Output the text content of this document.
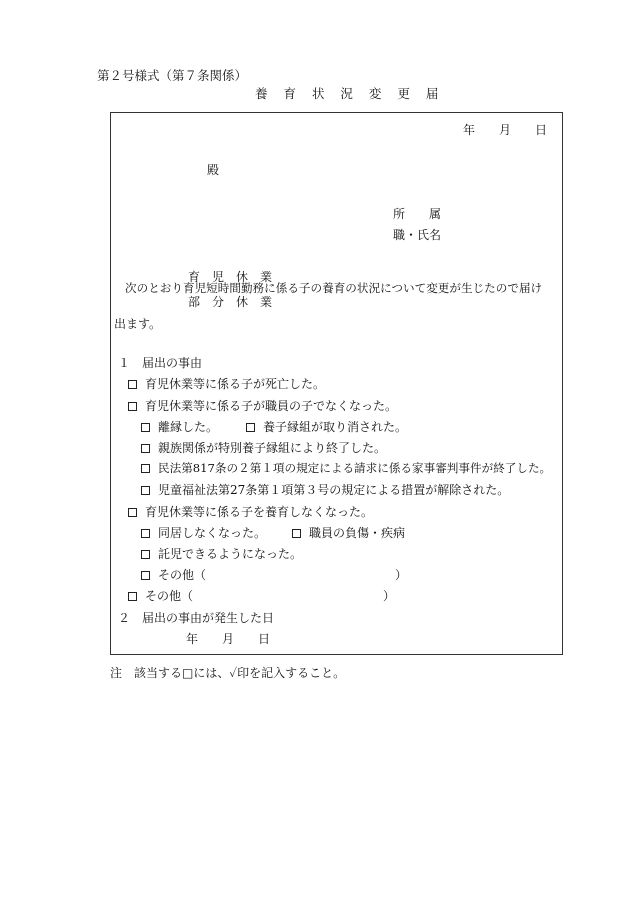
第２号様式（第７条関係）
養 育 状 況 変 更 届
年　　月　　日
殿
所　　属
職・氏名
育　児　休　業
次のとおり育児短時間勤務に係る子の養育の状況について変更が生じたので届け
部　分　休　業
出ます。
１　届出の事由
育児休業等に係る子が死亡した。
育児休業等に係る子が職員の子でなくなった。
離縁した。	養子縁組が取り消された。
親族関係が特別養子縁組により終了した。
民法第817条の２第１項の規定による請求に係る家事審判事件が終了した。
児童福祉法第27条第１項第３号の規定による措置が解除された。
育児休業等に係る子を養育しなくなった。
同居しなくなった。	職員の負傷・疾病
託児できるようになった。
その他（	）
その他（	）
２　届出の事由が発生した日
年　　月　　日
注　該当する□には、✓印を記入すること。
